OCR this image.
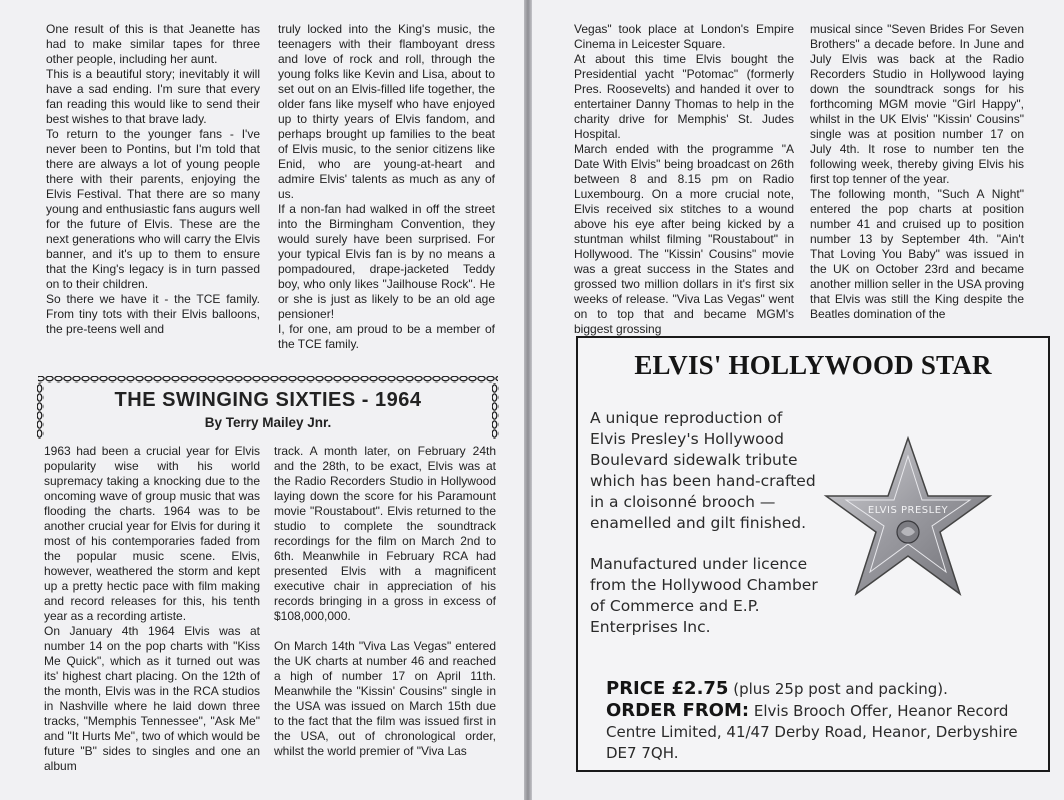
One result of this is that Jeanette has had to make similar tapes for three other people, including her aunt.

This is a beautiful story; inevitably it will have a sad ending. I'm sure that every fan reading this would like to send their best wishes to that brave lady.

To return to the younger fans - I've never been to Pontins, but I'm told that there are always a lot of young people there with their parents, enjoying the Elvis Festival. That there are so many young and enthusiastic fans augurs well for the future of Elvis. These are the next generations who will carry the Elvis banner, and it's up to them to ensure that the King's legacy is in turn passed on to their children.

So there we have it - the TCE family. From tiny tots with their Elvis balloons, the pre-teens well and

truly locked into the King's music, the teenagers with their flamboyant dress and love of rock and roll, through the young folks like Kevin and Lisa, about to set out on an Elvis-filled life together, the older fans like myself who have enjoyed up to thirty years of Elvis fandom, and perhaps brought up families to the beat of Elvis music, to the senior citizens like Enid, who are young-at-heart and admire Elvis' talents as much as any of us.

If a non-fan had walked in off the street into the Birmingham Convention, they would surely have been surprised. For your typical Elvis fan is by no means a pompadoured, drape-jacketed Teddy boy, who only likes "Jailhouse Rock". He or she is just as likely to be an old age pensioner!

I, for one, am proud to be a member of the TCE family.

THE SWINGING SIXTIES - 1964
By Terry Mailey Jnr.

1963 had been a crucial year for Elvis popularity wise with his world supremacy taking a knocking due to the oncoming wave of group music that was flooding the charts. 1964 was to be another crucial year for Elvis for during it most of his contemporaries faded from the popular music scene. Elvis, however, weathered the storm and kept up a pretty hectic pace with film making and record releases for this, his tenth year as a recording artiste.

On January 4th 1964 Elvis was at number 14 on the pop charts with "Kiss Me Quick", which as it turned out was its' highest chart placing. On the 12th of the month, Elvis was in the RCA studios in Nashville where he laid down three tracks, "Memphis Tennessee", "Ask Me" and "It Hurts Me", two of which would be future "B" sides to singles and one an album

track. A month later, on February 24th and the 28th, to be exact, Elvis was at the Radio Recorders Studio in Hollywood laying down the score for his Paramount movie "Roustabout". Elvis returned to the studio to complete the soundtrack recordings for the film on March 2nd to 6th. Meanwhile in February RCA had presented Elvis with a magnificent executive chair in appreciation of his records bringing in a gross in excess of $108,000,000.

On March 14th "Viva Las Vegas" entered the UK charts at number 46 and reached a high of number 17 on April 11th. Meanwhile the "Kissin' Cousins" single in the USA was issued on March 15th due to the fact that the film was issued first in the USA, out of chronological order, whilst the world premier of "Viva Las

Vegas" took place at London's Empire Cinema in Leicester Square.

At about this time Elvis bought the Presidential yacht "Potomac" (formerly Pres. Roosevelts) and handed it over to entertainer Danny Thomas to help in the charity drive for Memphis' St. Judes Hospital.

March ended with the programme "A Date With Elvis" being broadcast on 26th between 8 and 8.15 pm on Radio Luxembourg. On a more crucial note, Elvis received six stitches to a wound above his eye after being kicked by a stuntman whilst filming "Roustabout" in Hollywood. The "Kissin' Cousins" movie was a great success in the States and grossed two million dollars in it's first six weeks of release. "Viva Las Vegas" went on to top that and became MGM's biggest grossing

musical since "Seven Brides For Seven Brothers" a decade before. In June and July Elvis was back at the Radio Recorders Studio in Hollywood laying down the soundtrack songs for his forthcoming MGM movie "Girl Happy", whilst in the UK Elvis' "Kissin' Cousins" single was at position number 17 on July 4th. It rose to number ten the following week, thereby giving Elvis his first top tenner of the year.

The following month, "Such A Night" entered the pop charts at position number 41 and cruised up to position number 13 by September 4th. "Ain't That Loving You Baby" was issued in the UK on October 23rd and became another million seller in the USA proving that Elvis was still the King despite the Beatles domination of the

ELVIS' HOLLYWOOD STAR
A unique reproduction of Elvis Presley's Hollywood Boulevard sidewalk tribute which has been hand-crafted in a cloisonné brooch — enamelled and gilt finished.
Manufactured under licence from the Hollywood Chamber of Commerce and E.P. Enterprises Inc.
ELVIS PRESLEY
PRICE £2.75 (plus 25p post and packing).
ORDER FROM: Elvis Brooch Offer, Heanor Record Centre Limited, 41/47 Derby Road, Heanor, Derbyshire DE7 7QH.
